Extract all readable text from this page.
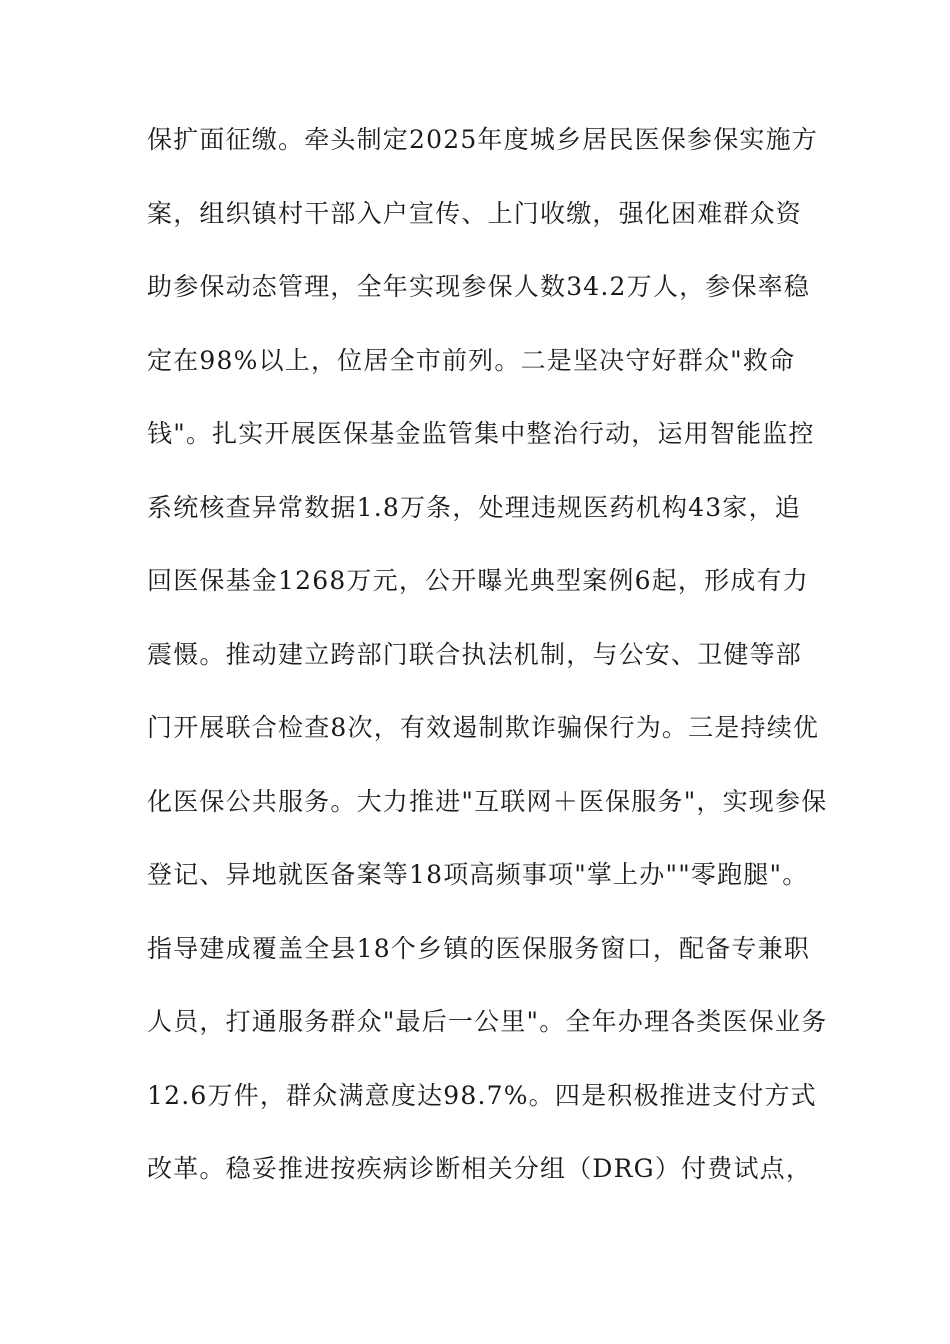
保扩面征缴。牵头制定2025年度城乡居民医保参保实施方
案，组织镇村干部入户宣传、上门收缴，强化困难群众资
助参保动态管理，全年实现参保人数34.2万人，参保率稳
定在98%以上，位居全市前列。二是坚决守好群众"救命
钱"。扎实开展医保基金监管集中整治行动，运用智能监控
系统核查异常数据1.8万条，处理违规医药机构43家，追
回医保基金1268万元，公开曝光典型案例6起，形成有力
震慑。推动建立跨部门联合执法机制，与公安、卫健等部
门开展联合检查8次，有效遏制欺诈骗保行为。三是持续优
化医保公共服务。大力推进"互联网＋医保服务"，实现参保
登记、异地就医备案等18项高频事项"掌上办""零跑腿"。
指导建成覆盖全县18个乡镇的医保服务窗口，配备专兼职
人员，打通服务群众"最后一公里"。全年办理各类医保业务
12.6万件，群众满意度达98.7%。四是积极推进支付方式
改革。稳妥推进按疾病诊断相关分组（DRG）付费试点，
